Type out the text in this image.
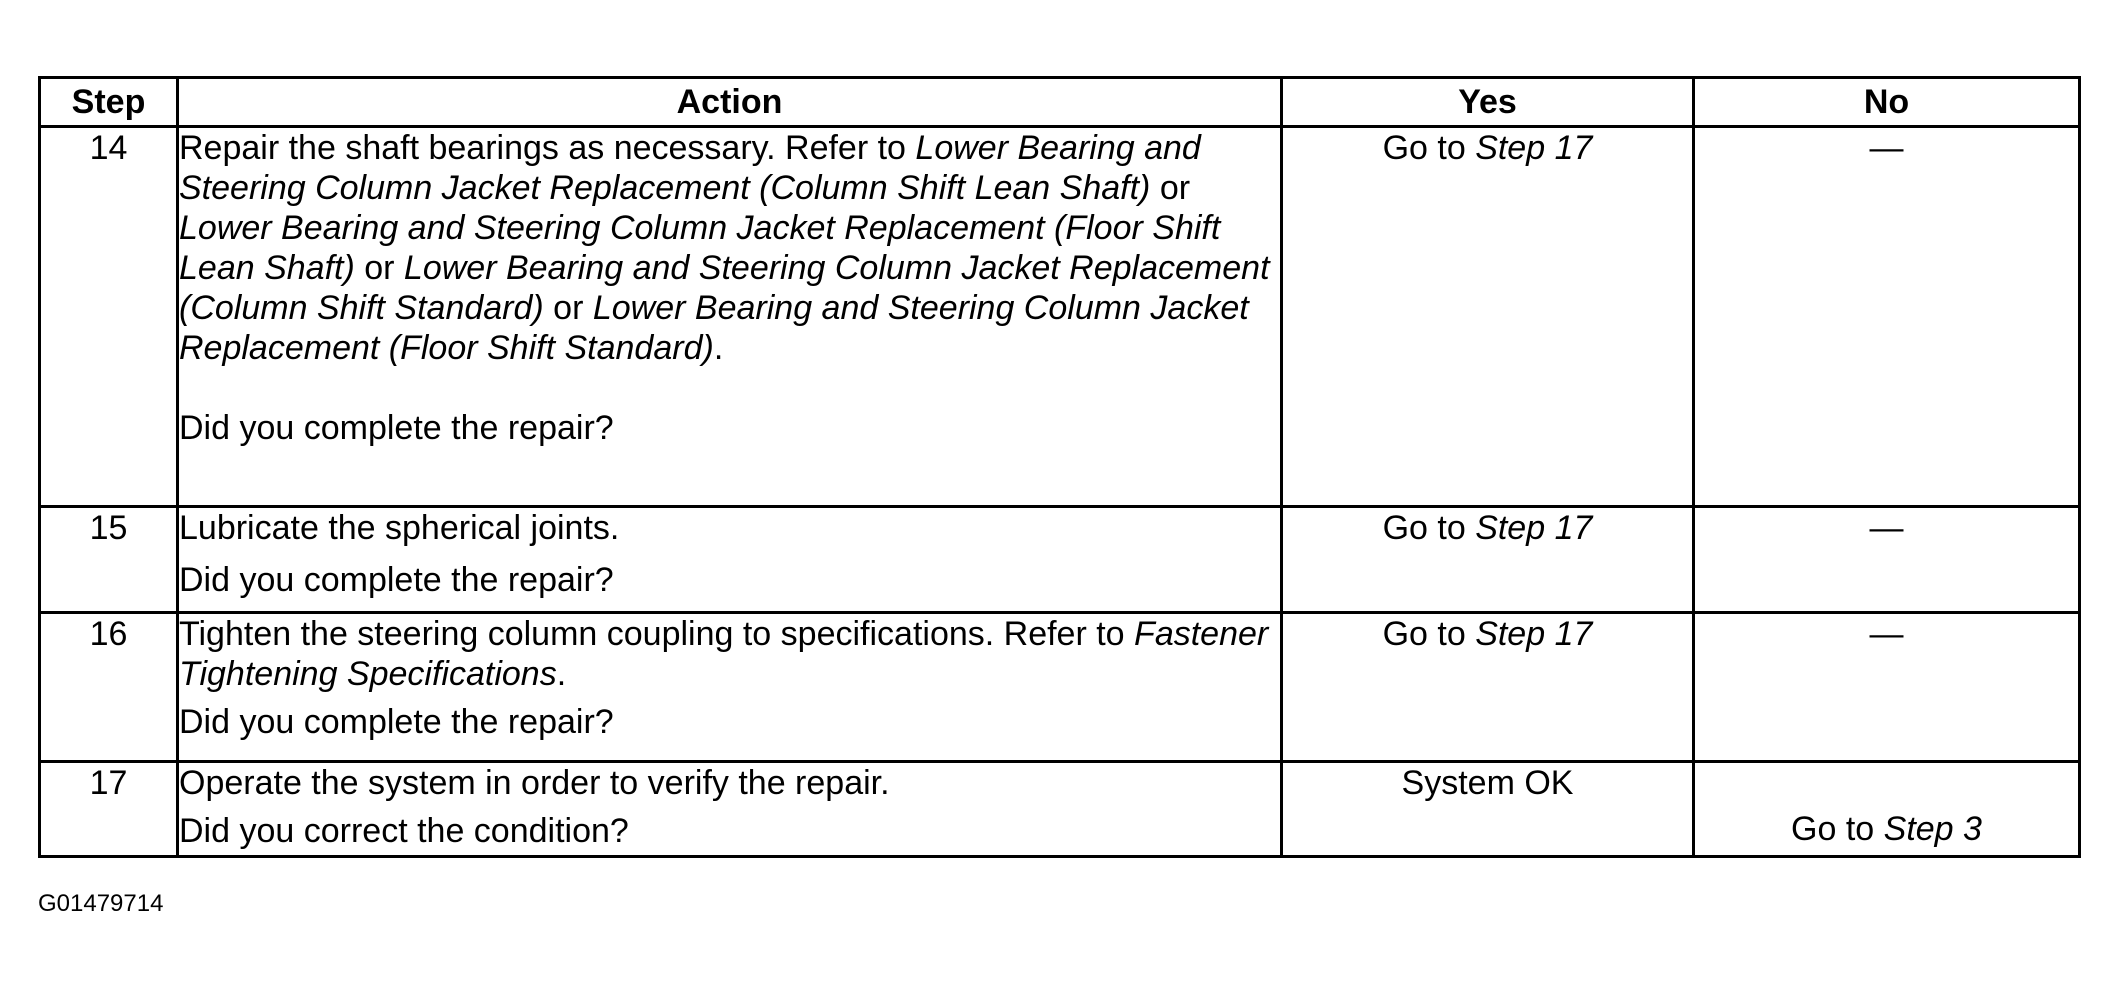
Step	Action	Yes	No
14	Repair the shaft bearings as necessary. Refer to Lower Bearing and Steering Column Jacket Replacement (Column Shift Lean Shaft) or Lower Bearing and Steering Column Jacket Replacement (Floor Shift Lean Shaft) or Lower Bearing and Steering Column Jacket Replacement (Column Shift Standard) or Lower Bearing and Steering Column Jacket Replacement (Floor Shift Standard).

Did you complete the repair?	Go to Step 17	—
15	Lubricate the spherical joints.

Did you complete the repair?	Go to Step 17	—
16	Tighten the steering column coupling to specifications. Refer to Fastener Tightening Specifications.

Did you complete the repair?	Go to Step 17	—
17	Operate the system in order to verify the repair.

Did you correct the condition?	System OK	Go to Step 3
G01479714
